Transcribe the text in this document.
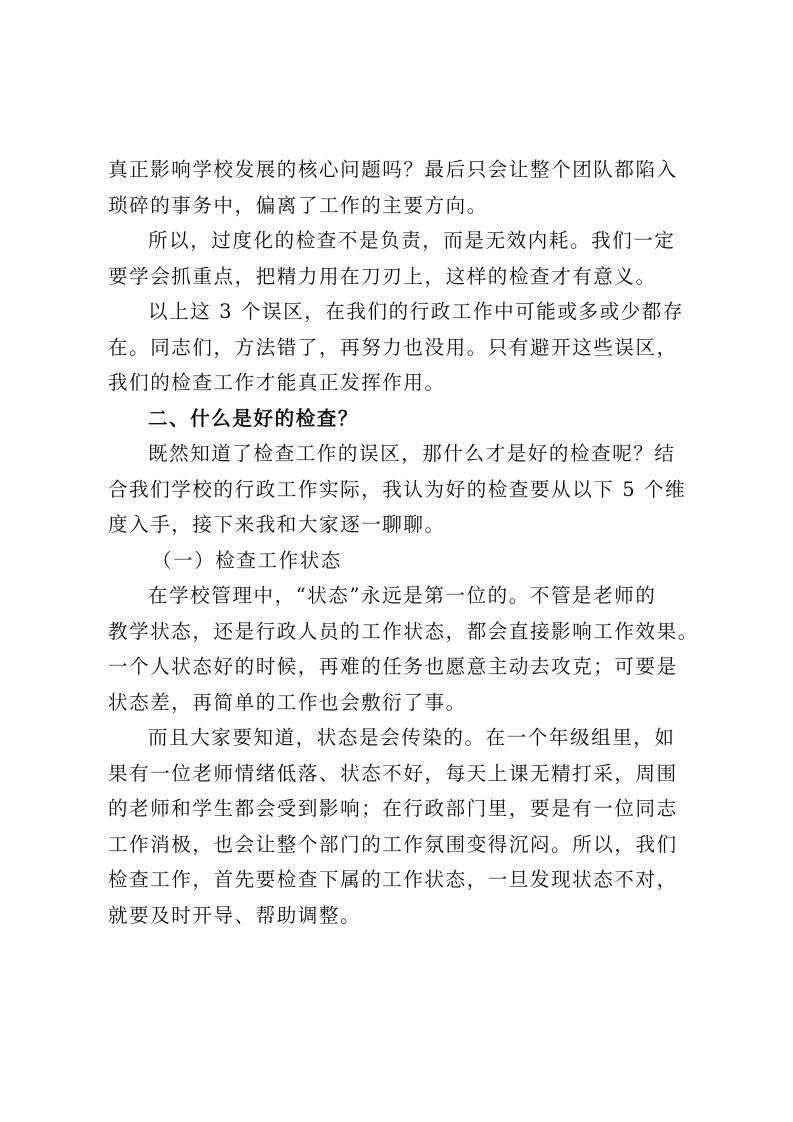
真正影响学校发展的核心问题吗？最后只会让整个团队都陷入

琐碎的事务中，偏离了工作的主要方向。

所以，过度化的检查不是负责，而是无效内耗。我们一定

要学会抓重点，把精力用在刀刃上，这样的检查才有意义。

以上这 3 个误区，在我们的行政工作中可能或多或少都存

在。同志们，方法错了，再努力也没用。只有避开这些误区，

我们的检查工作才能真正发挥作用。

二、什么是好的检查？

既然知道了检查工作的误区，那什么才是好的检查呢？结

合我们学校的行政工作实际，我认为好的检查要从以下 5 个维

度入手，接下来我和大家逐一聊聊。

（一）检查工作状态

在学校管理中，“状态”永远是第一位的。不管是老师的

教学状态，还是行政人员的工作状态，都会直接影响工作效果。

一个人状态好的时候，再难的任务也愿意主动去攻克；可要是

状态差，再简单的工作也会敷衍了事。

而且大家要知道，状态是会传染的。在一个年级组里，如

果有一位老师情绪低落、状态不好，每天上课无精打采，周围

的老师和学生都会受到影响；在行政部门里，要是有一位同志

工作消极，也会让整个部门的工作氛围变得沉闷。所以，我们

检查工作，首先要检查下属的工作状态，一旦发现状态不对，

就要及时开导、帮助调整。
